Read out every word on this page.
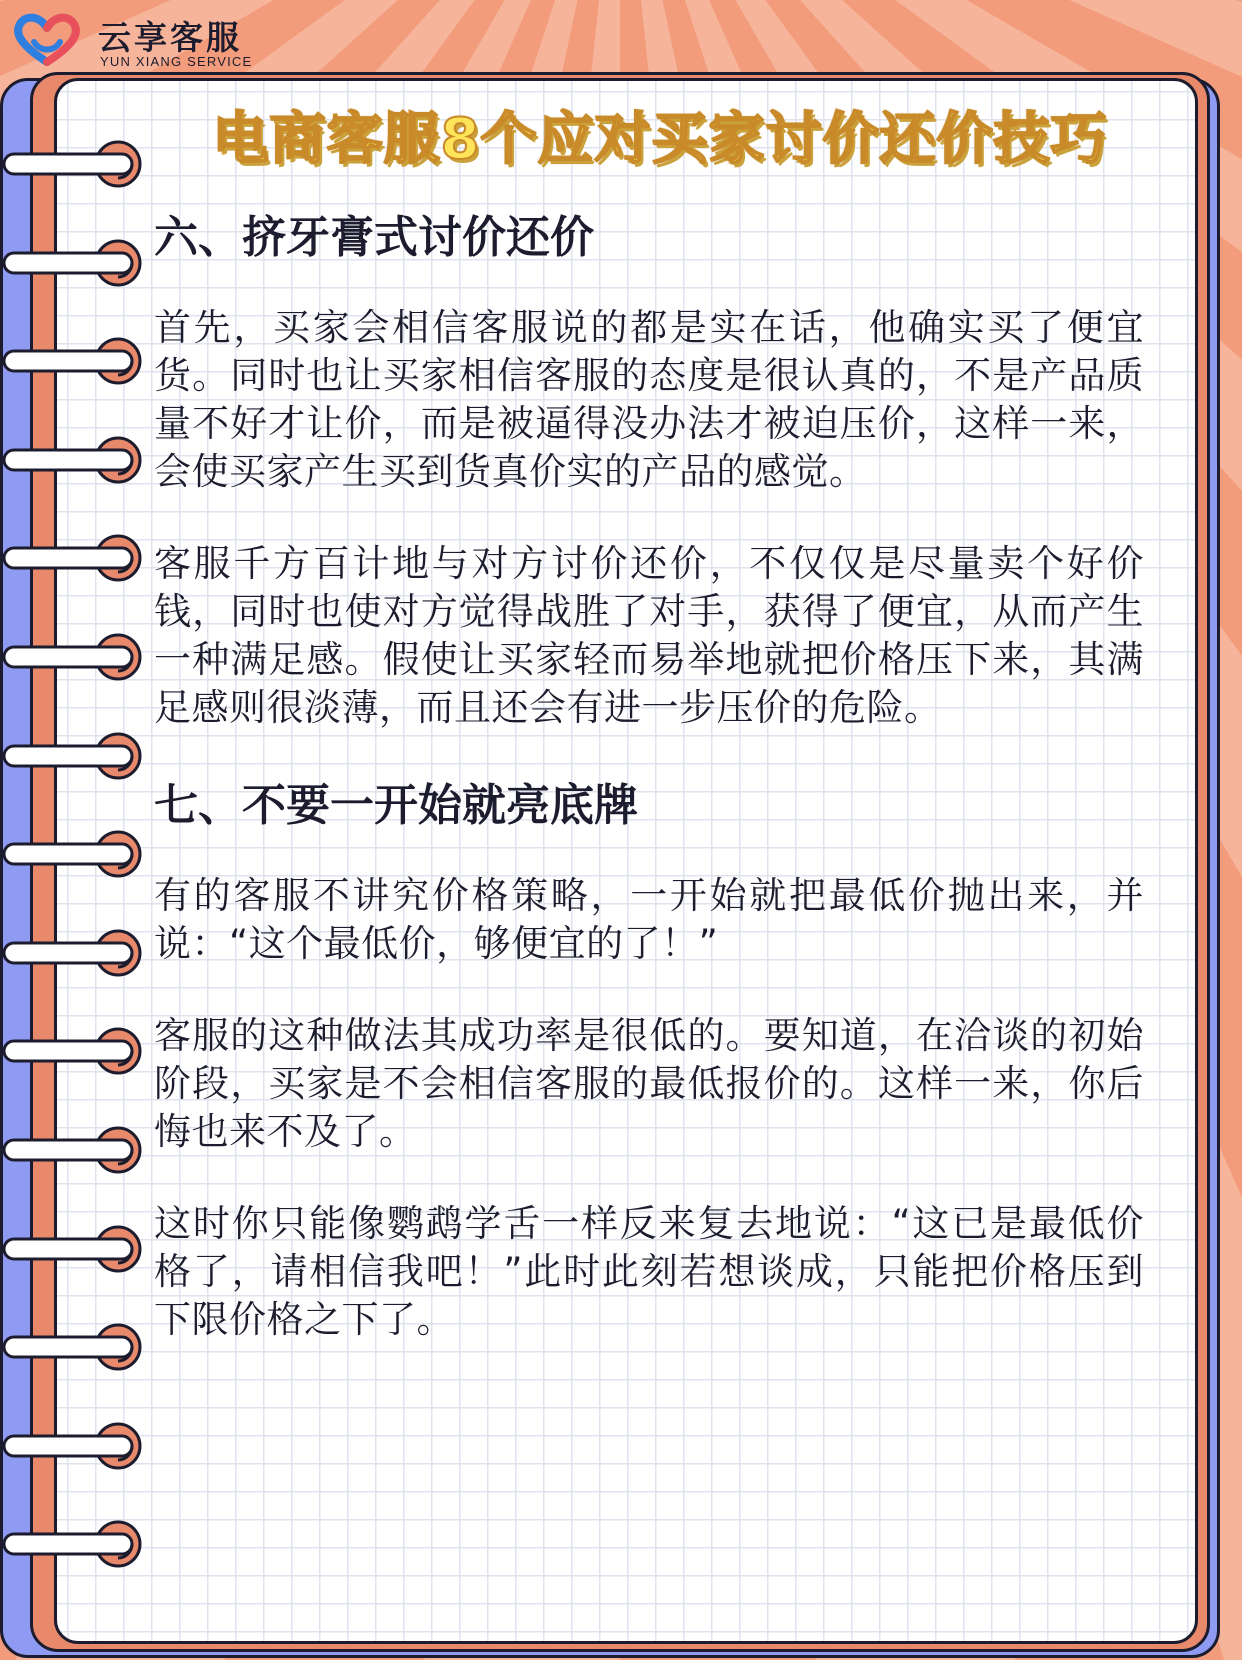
云享客服
YUN XIANG SERVICE
电商客服8个应对买家讨价还价技巧
六、挤牙膏式讨价还价

首先，买家会相信客服说的都是实在话，他确实买了便宜货。同时也让买家相信客服的态度是很认真的，不是产品质量不好才让价，而是被逼得没办法才被迫压价，这样一来，会使买家产生买到货真价实的产品的感觉。

客服千方百计地与对方讨价还价，不仅仅是尽量卖个好价钱，同时也使对方觉得战胜了对手，获得了便宜，从而产生一种满足感。假使让买家轻而易举地就把价格压下来，其满足感则很淡薄，而且还会有进一步压价的危险。

七、不要一开始就亮底牌

有的客服不讲究价格策略，一开始就把最低价抛出来，并说：“这个最低价，够便宜的了！”

客服的这种做法其成功率是很低的。要知道，在洽谈的初始阶段，买家是不会相信客服的最低报价的。这样一来，你后悔也来不及了。

这时你只能像鹦鹉学舌一样反来复去地说：“这已是最低价格了，请相信我吧！”此时此刻若想谈成，只能把价格压到下限价格之下了。
